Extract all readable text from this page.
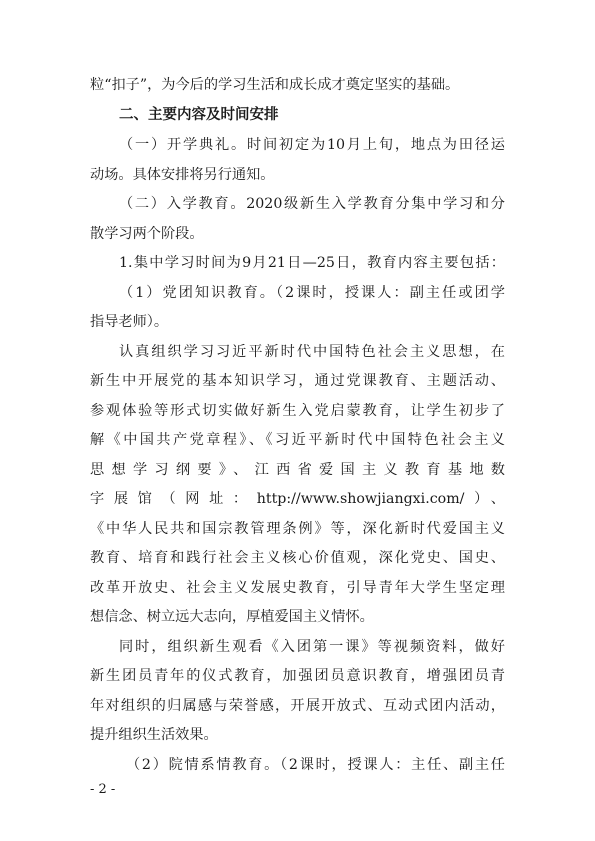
粒“扣子”，为今后的学习生活和成长成才奠定坚实的基础。
二、主要内容及时间安排
（一）开学典礼。时间初定为10月上旬，地点为田径运
动场。具体安排将另行通知。
（二）入学教育。2020级新生入学教育分集中学习和分
散学习两个阶段。
1.集中学习时间为9月21日—25日，教育内容主要包括：
（1）党团知识教育。（2课时，授课人：副主任或团学
指导老师）。
认真组织学习习近平新时代中国特色社会主义思想，在
新生中开展党的基本知识学习，通过党课教育、主题活动、
参观体验等形式切实做好新生入党启蒙教育，让学生初步了
解《中国共产党章程》、《习近平新时代中国特色社会主义
思想学习纲要》、江西省爱国主义教育基地数
字展馆（网址：http://www.showjiangxi.com/）、
《中华人民共和国宗教管理条例》等，深化新时代爱国主义
教育、培育和践行社会主义核心价值观，深化党史、国史、
改革开放史、社会主义发展史教育，引导青年大学生坚定理
想信念、树立远大志向，厚植爱国主义情怀。
同时，组织新生观看《入团第一课》等视频资料，做好
新生团员青年的仪式教育，加强团员意识教育，增强团员青
年对组织的归属感与荣誉感，开展开放式、互动式团内活动，
提升组织生活效果。
（2）院情系情教育。（2课时，授课人：主任、副主任
- 2 -
